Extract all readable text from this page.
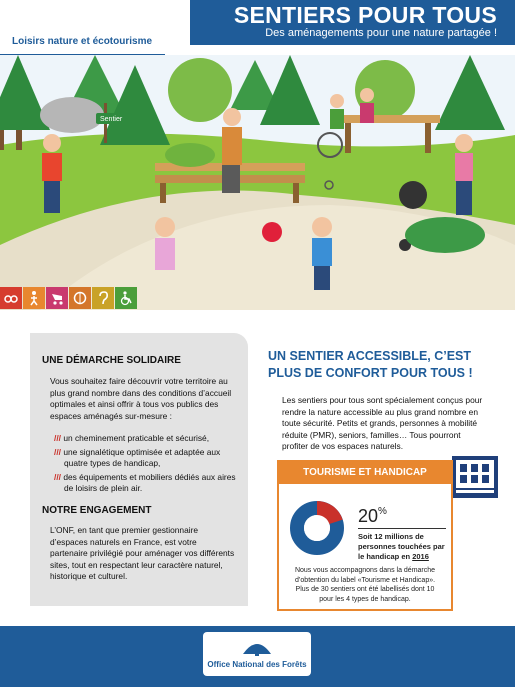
SENTIERS POUR TOUS
Des aménagements pour une nature partagée !
Loisirs nature et écotourisme
Sentier
UNE DÉMARCHE SOLIDAIRE

Vous souhaitez faire découvrir votre territoire au plus grand nombre dans des conditions d’accueil optimales et ainsi offrir à tous vos publics des espaces aménagés sur-mesure :

/// un cheminement praticable et sécurisé,
/// une signalétique optimisée et adaptée aux quatre types de handicap,
/// des équipements et mobiliers dédiés aux aires de loisirs de plein air.
NOTRE ENGAGEMENT

L’ONF, en tant que premier gestionnaire d’espaces naturels en France, est votre partenaire privilégié pour aménager vos différents sites, tout en respectant leur caractère naturel, historique et culturel.

UN SENTIER ACCESSIBLE, C’EST PLUS DE CONFORT POUR TOUS !
Les sentiers pour tous sont spécialement conçus pour rendre la nature accessible au plus grand nombre en toute sécurité. Petits et grands, personnes à mobilité réduite (PMR), seniors, familles… Tous pourront profiter de vos espaces naturels.
TOURISME ET HANDICAP
20%
Soit 12 millions de personnes touchées par le handicap en 2016
Nous vous accompagnons dans la démarche d’obtention du label «Tourisme et Handicap». Plus de 30 sentiers ont été labellisés dont 10 pour les 4 types de handicap.
Office National des Forêts
